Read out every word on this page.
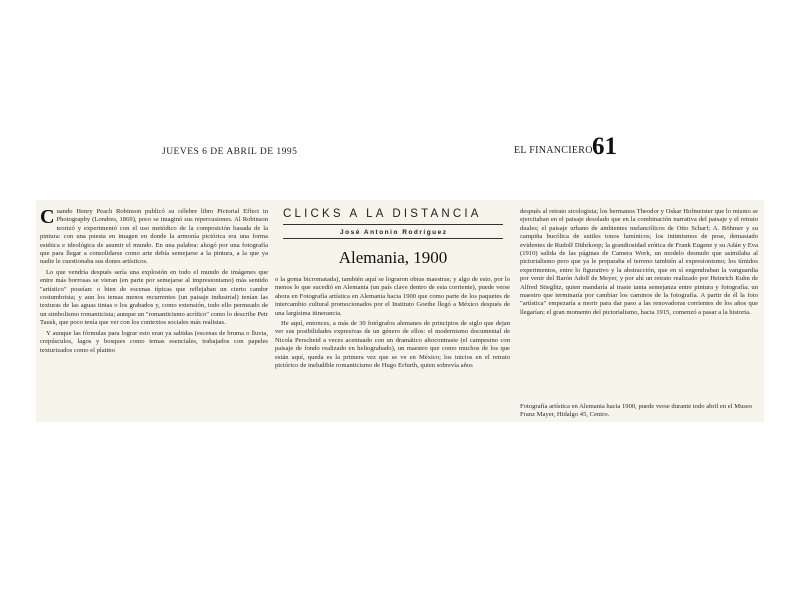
JUEVES 6 DE ABRIL DE 1995	EL FINANCIERO 61

Cuando Henry Peach Robinson publicó su célebre libro Pictorial Effect in Photography (Londres, 1869), poco se imaginó sus repercusiones. Al Robinson teorizó y experimentó con el uso metódico de la composición basada de la pintura: con una puesta en imagen en donde la armonía pictórica era una forma estética e ideológica de asumir el mundo. En una palabra: ahogó por una fotografía que para llegar a consolidarse como arte debía semejarse a la pintura, a la que ya nadie le cuestionaba sus dones artísticos.

Lo que vendría después sería una explosión en todo el mundo de imágenes que entre más borrosas se vieran (en parte por semejarse al impresionismo) más sentido "artístico" poseían: o bien de escenas típicas que reflejaban un cierto candor costumbrista; y aun los temas menos recurrentes (un paisaje industrial) tenían las texturas de las aguas tintas o los grabados y, como extensión, todo ello permeado de un simbolismo romanticista; aunque un "romanticismo acrítico" como lo describe Petr Tausk, que poco tenía que ver con los contextos sociales más realistas.

Y aunque las fórmulas para lograr esto eran ya sabidas (escenas de bruma o lluvia, crepúsculos, lagos y bosques como temas esenciales, trabajados con papeles texturizados como el platino

CLICKS A LA DISTANCIA
José Antonio Rodríguez
Alemania, 1900

o la goma bicromatada), también aquí se lograron obras maestras; y algo de esto, por lo menos lo que sucedió en Alemania (un país clave dentro de esta corriente), puede verse ahora en Fotografía artística en Alemania hacia 1900 que como parte de los paquetes de intercambio cultural promocionados por el Instituto Goethe llegó a México después de una largísima itinerancia.

He aquí, entonces, a más de 30 fotógrafos alemanes de principios de siglo que dejan ver sus posibilidades expresivas de un género de ellos: el modernismo documental de Nicola Perscheid a veces acentuado con un dramático altocontraste (el campesino con paisaje de fondo realizado en heliograbado), un maestro que como muchos de los que están aquí, queda es la primera vez que se ve en México; los inicios en el retrato pictórico de ineludible romanticismo de Hugo Erfurth, quien sobrevía años

después al retrato sicologista; los hermanos Theodor y Oskar Hofmeister que lo mismo se ejercitaban en el paisaje desolado que en la combinación narrativa del paisaje y el retrato duales; el paisaje urbano de ambientes melancólicos de Otto Scharf; A. Böhmer y su campiña bucólica de sutiles tonos lumínicos; los intimismos de pose, demasiado evidentes de Rudolf Dührkoop; la grandiosidad erótica de Frank Eugene y su Adán y Eva (1910) salida de las páginas de Camera Work, un modelo desnudo que asimilaba al pictorialismo pero que ya le preparaba el terreno también al expresionismo; los tímidos experimentos, entre lo figurativo y la abstracción, que en sí engendraban la vanguardia por venir del Barón Adolf de Meyer, y por ahí un retrato realizado por Heinrich Kuhn de Alfred Stieglitz, quien mandaría al traste tanta semejanza entre pintura y fotografía; un maestro que terminaría por cambiar los caminos de la fotografía. A partir de él la foto "artística" empezaría a morir para dar paso a las renovadoras corrientes de los años que llegarían; el gran momento del pictorialismo, hacia 1915, comenzó a pasar a la historia.

Fotografía artística en Alemania hacia 1900, puede verse durante todo abril en el Museo Franz Mayer, Hidalgo 45, Centro.
